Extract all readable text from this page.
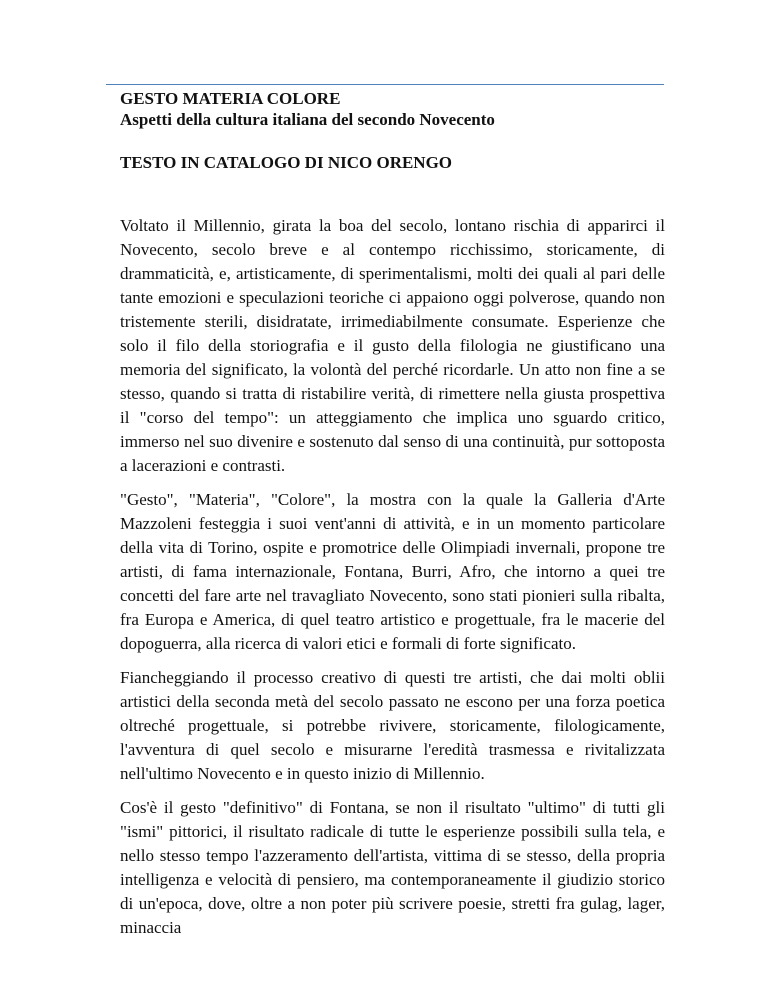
GESTO MATERIA COLORE
Aspetti della cultura italiana del secondo Novecento
TESTO IN CATALOGO DI NICO ORENGO

Voltato il Millennio, girata la boa del secolo, lontano rischia di apparirci il Novecento, secolo breve e al contempo ricchissimo, storicamente, di drammaticità, e, artisticamente, di sperimentalismi, molti dei quali al pari delle tante emozioni e speculazioni teoriche ci appaiono oggi polverose, quando non tristemente sterili, disidratate, irrimediabilmente consumate. Esperienze che solo il filo della storiografia e il gusto della filologia ne giustificano una memoria del significato, la volontà del perché ricordarle. Un atto non fine a se stesso, quando si tratta di ristabilire verità, di rimettere nella giusta prospettiva il "corso del tempo": un atteggiamento che implica uno sguardo critico, immerso nel suo divenire e sostenuto dal senso di una continuità, pur sottoposta a lacerazioni e contrasti.

"Gesto", "Materia", "Colore", la mostra con la quale la Galleria d'Arte Mazzoleni festeggia i suoi vent'anni di attività, e in un momento particolare della vita di Torino, ospite e promotrice delle Olimpiadi invernali, propone tre artisti, di fama internazionale, Fontana, Burri, Afro, che intorno a quei tre concetti del fare arte nel travagliato Novecento, sono stati pionieri sulla ribalta, fra Europa e America, di quel teatro artistico e progettuale, fra le macerie del dopoguerra, alla ricerca di valori etici e formali di forte significato.

Fiancheggiando il processo creativo di questi tre artisti, che dai molti oblii artistici della seconda metà del secolo passato ne escono per una forza poetica oltreché progettuale, si potrebbe rivivere, storicamente, filologicamente, l'avventura di quel secolo e misurarne l'eredità trasmessa e rivitalizzata nell'ultimo Novecento e in questo inizio di Millennio.

Cos'è il gesto "definitivo" di Fontana, se non il risultato "ultimo" di tutti gli "ismi" pittorici, il risultato radicale di tutte le esperienze possibili sulla tela, e nello stesso tempo l'azzeramento dell'artista, vittima di se stesso, della propria intelligenza e velocità di pensiero, ma contemporaneamente il giudizio storico di un'epoca, dove, oltre a non poter più scrivere poesie, stretti fra gulag, lager, minaccia
